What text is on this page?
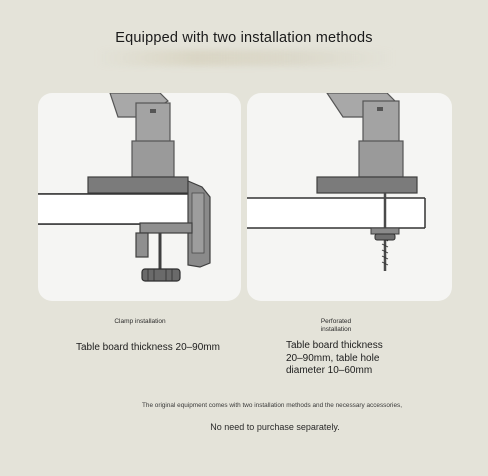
Equipped with two installation methods
Clamp installation	Perforated
installation
Table board thickness 20–90mm	Table board thickness
20–90mm, table hole
diameter 10–60mm
The original equipment comes with two installation methods and the necessary accessories,
No need to purchase separately.
